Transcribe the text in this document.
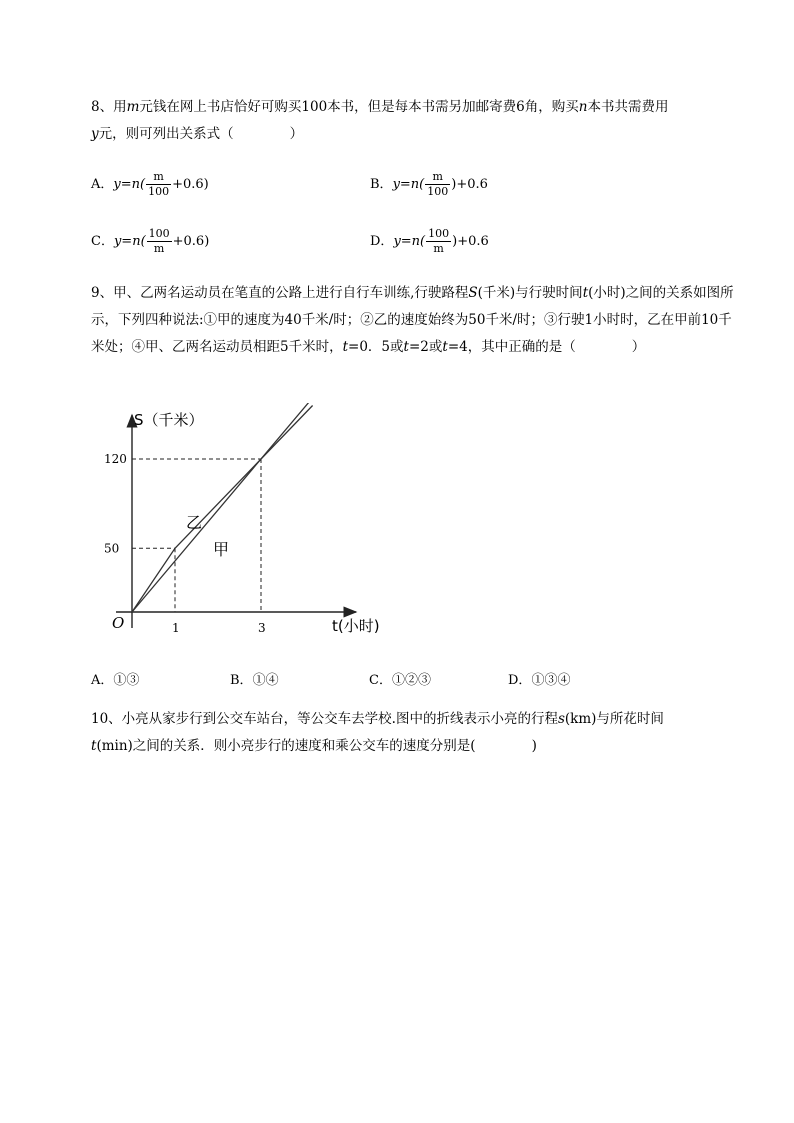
8、用m元钱在网上书店恰好可购买100本书，但是每本书需另加邮寄费6角，购买n本书共需费用
y元，则可列出关系式（	）
A．$y=n( \frac{m}{100} +0.6)$	B．$y=n( \frac{m}{100} )+0.6$
C．$y=n( \frac{100}{m} +0.6)$	D．$y=n( \frac{100}{m} )+0.6$
9、甲、乙两名运动员在笔直的公路上进行自行车训练,行驶路程S(千米)与行驶时间t(小时)之间的关系如图所示，下列四种说法:①甲的速度为40千米/时；②乙的速度始终为50千米/时；③行驶1小时时，乙在甲前10千米处；④甲、乙两名运动员相距5千米时，t=0．5或t=2或t=4，其中正确的是（	）
S（千米）
t(小时)
O	1	3
50
120
乙
甲
A．①③	B．①④	C．①②③	D．①③④
10、小亮从家步行到公交车站台，等公交车去学校.图中的折线表示小亮的行程s(km)与所花时间
t(min)之间的关系．则小亮步行的速度和乘公交车的速度分别是(	)
